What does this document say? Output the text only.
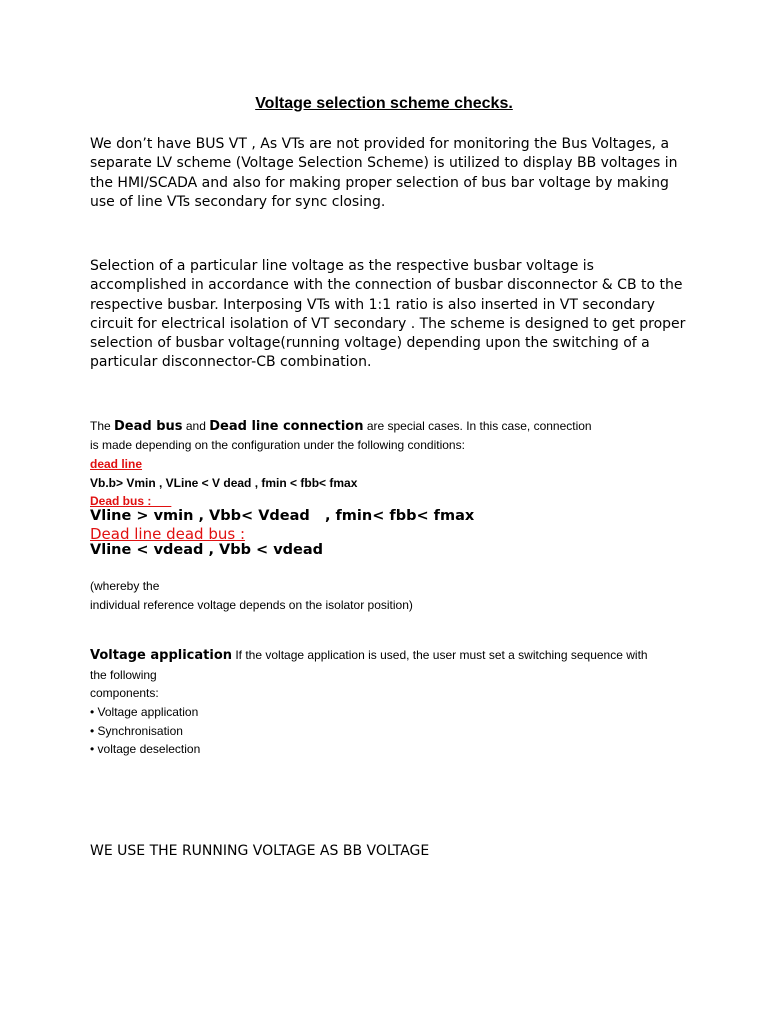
Voltage selection scheme checks.
We don’t have BUS VT , As VTs are not provided for monitoring the Bus Voltages, a
separate LV scheme (Voltage Selection Scheme) is utilized to display BB voltages in
the HMI/SCADA and also for making proper selection of bus bar voltage by making
use of line VTs secondary for sync closing.
Selection of a particular line voltage as the respective busbar voltage is
accomplished in accordance with the connection of busbar disconnector & CB to the
respective busbar. Interposing VTs with 1:1 ratio is also inserted in VT secondary
circuit for electrical isolation of VT secondary . The scheme is designed to get proper
selection of busbar voltage(running voltage) depending upon the switching of a
particular disconnector-CB combination.
The Dead bus and Dead line connection are special cases. In this case, connection
is made depending on the configuration under the following conditions:
dead line
Vb.b> Vmin , VLine < V dead , fmin < fbb< fmax
Dead bus :
Vline > vmin , Vbb< Vdead   , fmin< fbb< fmax
Dead line dead bus :
Vline < vdead , Vbb < vdead
(whereby the
individual reference voltage depends on the isolator position)
Voltage application If the voltage application is used, the user must set a switching sequence with
the following
components:
• Voltage application
• Synchronisation
• voltage deselection
WE USE THE RUNNING VOLTAGE AS BB VOLTAGE
